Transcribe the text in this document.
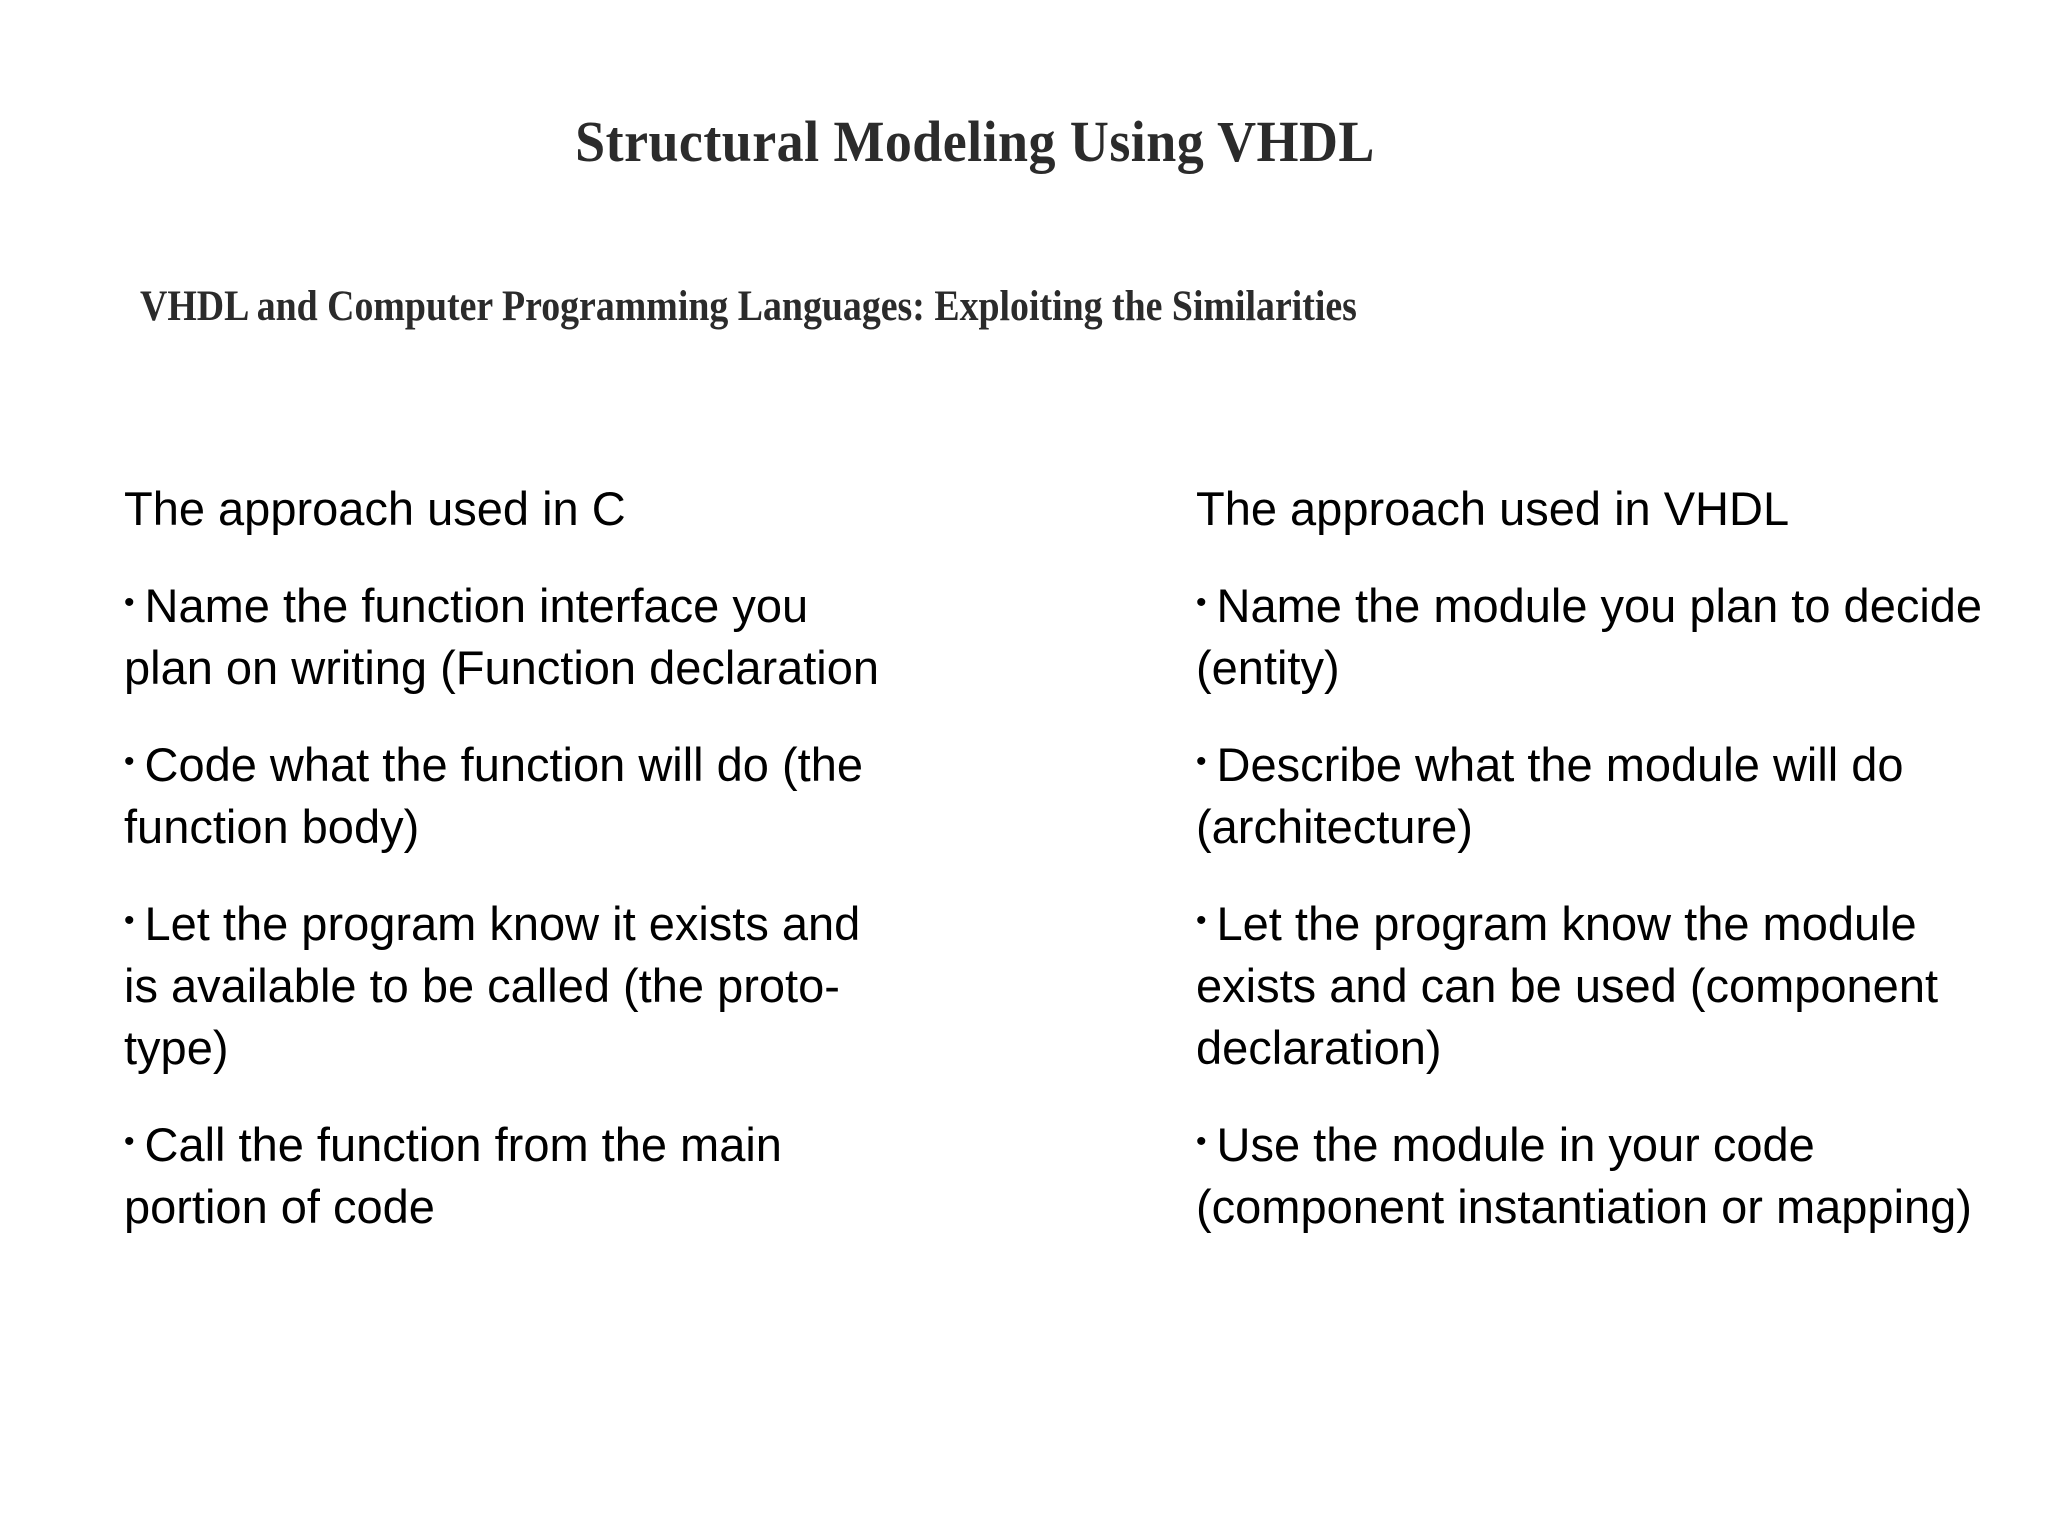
Structural Modeling Using VHDL
VHDL and Computer Programming Languages: Exploiting the Similarities
The approach used in C
• Name the function interface you plan on writing (Function declaration
• Code what the function will do (the function body)
• Let the program know it exists and is available to be called (the proto-type)
• Call the function from the main portion of code
The approach used in VHDL
• Name the module you plan to decide (entity)
• Describe what the module will do (architecture)
• Let the program know the module exists and can be used (component declaration)
• Use the module in your code (component instantiation or mapping)
